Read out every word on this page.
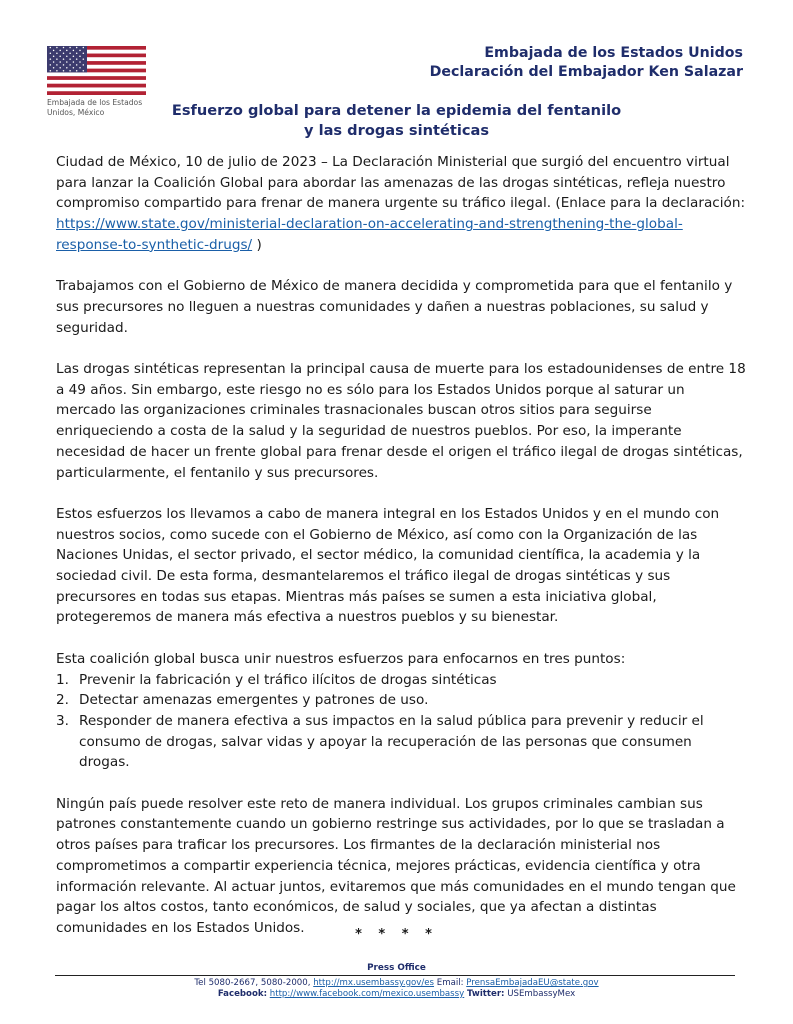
Embajada de los Estados
Unidos, México
Embajada de los Estados Unidos
Declaración del Embajador Ken Salazar
Esfuerzo global para detener la epidemia del fentanilo
y las drogas sintéticas

Ciudad de México, 10 de julio de 2023 – La Declaración Ministerial que surgió del encuentro virtual para lanzar la Coalición Global para abordar las amenazas de las drogas sintéticas, refleja nuestro compromiso compartido para frenar de manera urgente su tráfico ilegal. (Enlace para la declaración: https://www.state.gov/ministerial-declaration-on-accelerating-and-strengthening-the-global-response-to-synthetic-drugs/ )

Trabajamos con el Gobierno de México de manera decidida y comprometida para que el fentanilo y sus precursores no lleguen a nuestras comunidades y dañen a nuestras poblaciones, su salud y seguridad.

Las drogas sintéticas representan la principal causa de muerte para los estadounidenses de entre 18 a 49 años. Sin embargo, este riesgo no es sólo para los Estados Unidos porque al saturar un mercado las organizaciones criminales trasnacionales buscan otros sitios para seguirse enriqueciendo a costa de la salud y la seguridad de nuestros pueblos. Por eso, la imperante necesidad de hacer un frente global para frenar desde el origen el tráfico ilegal de drogas sintéticas, particularmente, el fentanilo y sus precursores.

Estos esfuerzos los llevamos a cabo de manera integral en los Estados Unidos y en el mundo con nuestros socios, como sucede con el Gobierno de México, así como con la Organización de las Naciones Unidas, el sector privado, el sector médico, la comunidad científica, la academia y la sociedad civil. De esta forma, desmantelaremos el tráfico ilegal de drogas sintéticas y sus precursores en todas sus etapas. Mientras más países se sumen a esta iniciativa global, protegeremos de manera más efectiva a nuestros pueblos y su bienestar.

Esta coalición global busca unir nuestros esfuerzos para enfocarnos en tres puntos:
1. Prevenir la fabricación y el tráfico ilícitos de drogas sintéticas
2. Detectar amenazas emergentes y patrones de uso.
3. Responder de manera efectiva a sus impactos en la salud pública para prevenir y reducir el consumo de drogas, salvar vidas y apoyar la recuperación de las personas que consumen drogas.

Ningún país puede resolver este reto de manera individual. Los grupos criminales cambian sus patrones constantemente cuando un gobierno restringe sus actividades, por lo que se trasladan a otros países para traficar los precursores. Los firmantes de la declaración ministerial nos comprometimos a compartir experiencia técnica, mejores prácticas, evidencia científica y otra información relevante. Al actuar juntos, evitaremos que más comunidades en el mundo tengan que pagar los altos costos, tanto económicos, de salud y sociales, que ya afectan a distintas comunidades en los Estados Unidos.	* * * *
Press Office
Tel 5080-2667, 5080-2000, http://mx.usembassy.gov/es Email: PrensaEmbajadaEU@state.gov
Facebook: http://www.facebook.com/mexico.usembassy Twitter: USEmbassyMex
